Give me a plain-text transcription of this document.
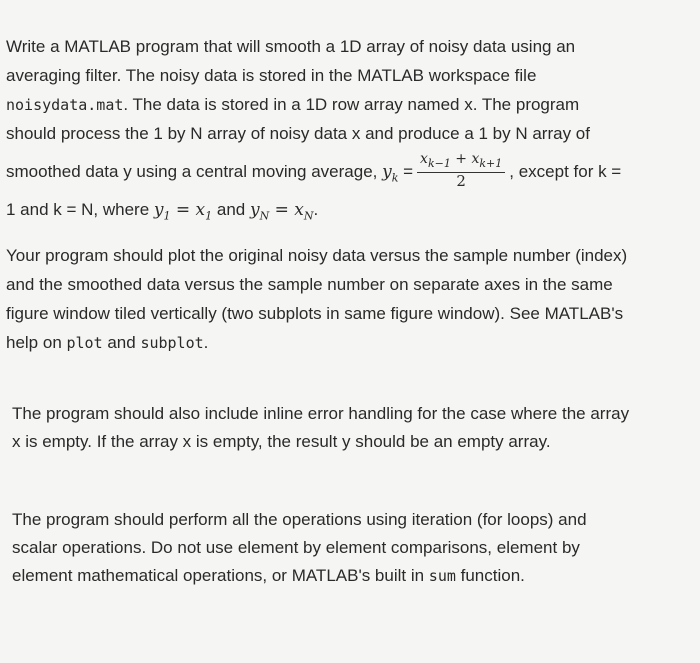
Write a MATLAB program that will smooth a 1D array of noisy data using an
averaging filter. The noisy data is stored in the MATLAB workspace file
noisydata.mat. The data is stored in a 1D row array named x. The program
should process the 1 by N array of noisy data x and produce a 1 by N array of
smoothed data y using a central moving average, $y_k = \frac{x_{k-1} + x_{k+1}}{2}$ , except for k =
1 and k = N, where $y_1 = x_1$ and $y_N = x_N$.
Your program should plot the original noisy data versus the sample number (index)
and the smoothed data versus the sample number on separate axes in the same
figure window tiled vertically (two subplots in same figure window). See MATLAB's
help on plot and subplot.
The program should also include inline error handling for the case where the array
x is empty. If the array x is empty, the result y should be an empty array.
The program should perform all the operations using iteration (for loops) and
scalar operations. Do not use element by element comparisons, element by
element mathematical operations, or MATLAB's built in sum function.
